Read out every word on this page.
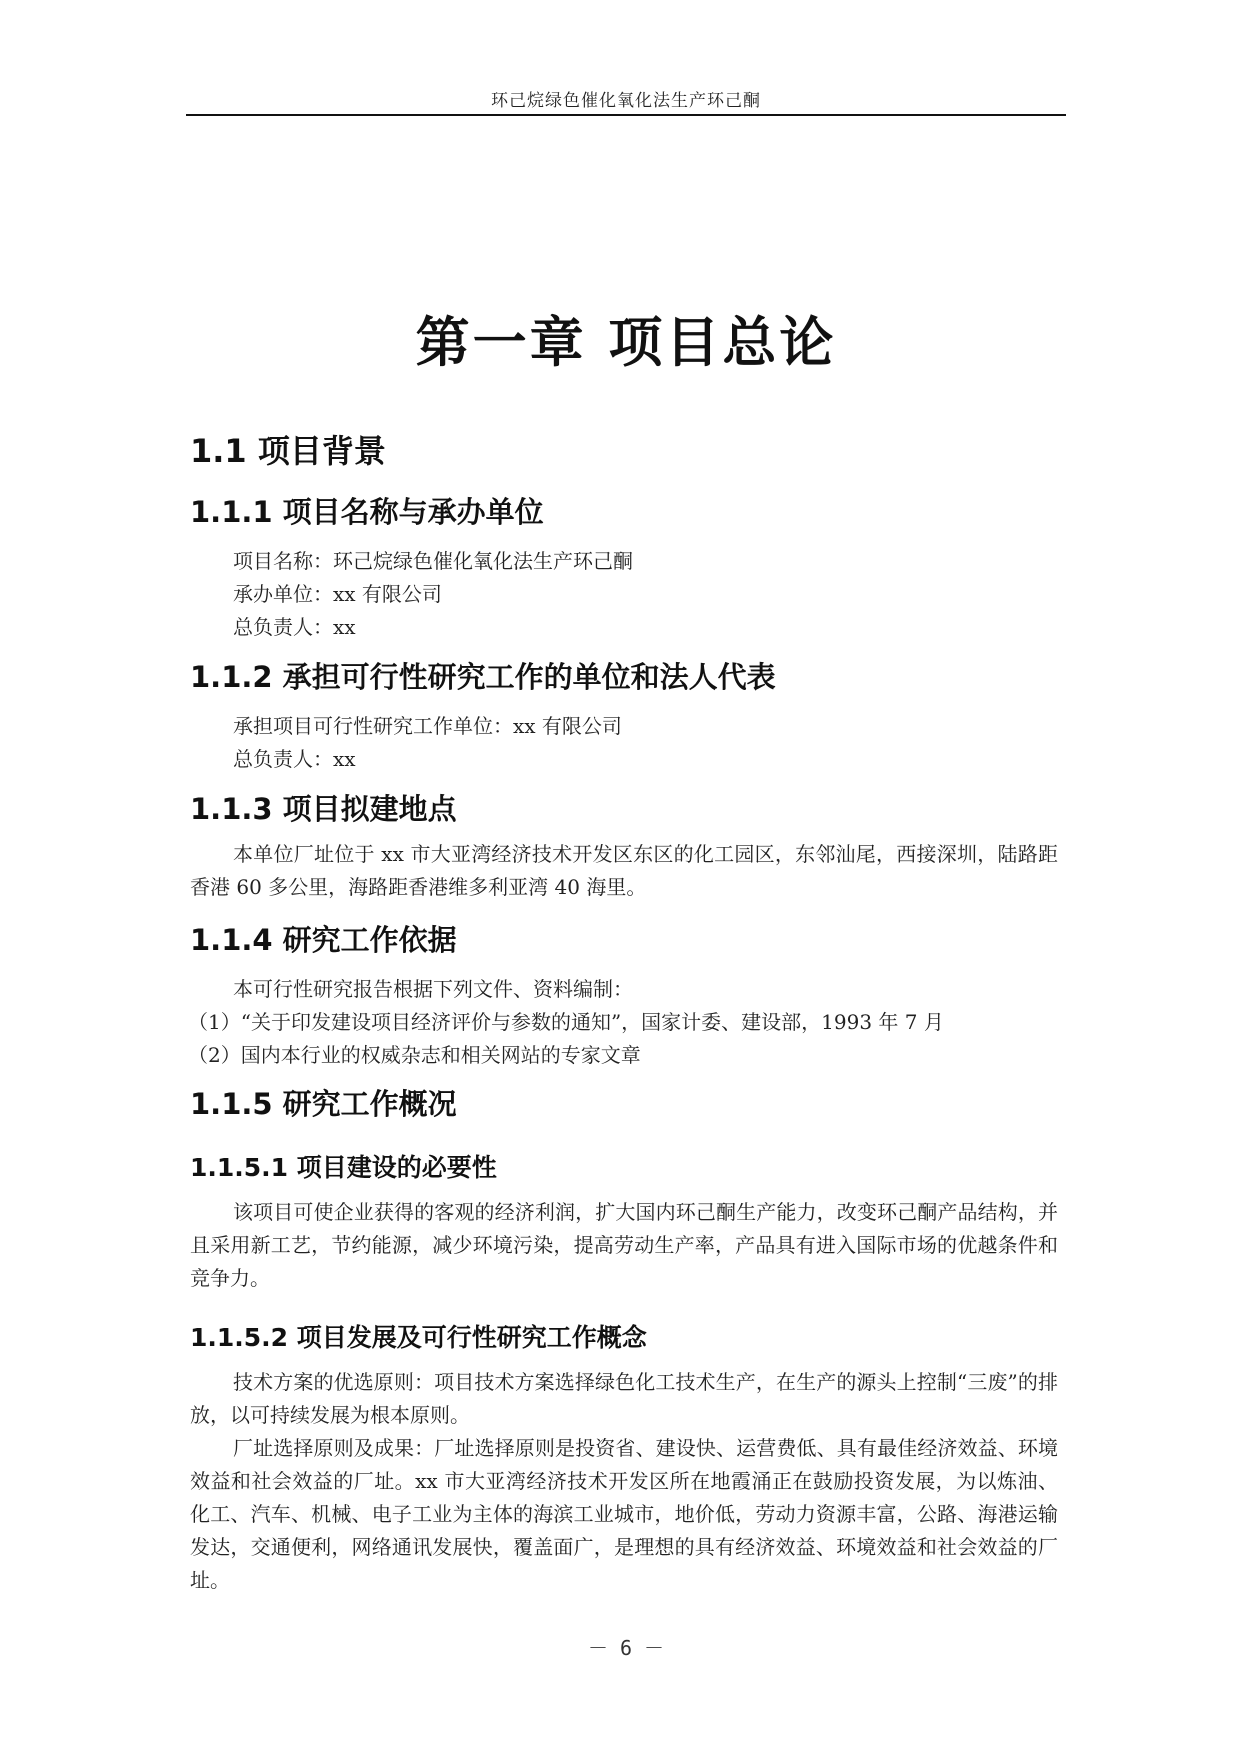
环己烷绿色催化氧化法生产环己酮
第一章 项目总论
1.1 项目背景
1.1.1 项目名称与承办单位
项目名称：环己烷绿色催化氧化法生产环己酮
承办单位：xx 有限公司
总负责人：xx
1.1.2 承担可行性研究工作的单位和法人代表
承担项目可行性研究工作单位：xx 有限公司
总负责人：xx
1.1.3 项目拟建地点
本单位厂址位于 xx 市大亚湾经济技术开发区东区的化工园区，东邻汕尾，西接深圳，陆路距香港 60 多公里，海路距香港维多利亚湾 40 海里。
1.1.4 研究工作依据
本可行性研究报告根据下列文件、资料编制：
（1）“关于印发建设项目经济评价与参数的通知”，国家计委、建设部，1993 年 7 月
（2）国内本行业的权威杂志和相关网站的专家文章
1.1.5 研究工作概况
1.1.5.1 项目建设的必要性
该项目可使企业获得的客观的经济利润，扩大国内环己酮生产能力，改变环己酮产品结构，并且采用新工艺，节约能源，减少环境污染，提高劳动生产率，产品具有进入国际市场的优越条件和竞争力。
1.1.5.2 项目发展及可行性研究工作概念
技术方案的优选原则：项目技术方案选择绿色化工技术生产，在生产的源头上控制“三废”的排放，以可持续发展为根本原则。
厂址选择原则及成果：厂址选择原则是投资省、建设快、运营费低、具有最佳经济效益、环境效益和社会效益的厂址。xx 市大亚湾经济技术开发区所在地霞涌正在鼓励投资发展，为以炼油、化工、汽车、机械、电子工业为主体的海滨工业城市，地价低，劳动力资源丰富，公路、海港运输发达，交通便利，网络通讯发展快，覆盖面广，是理想的具有经济效益、环境效益和社会效益的厂址。
－ 6 －
